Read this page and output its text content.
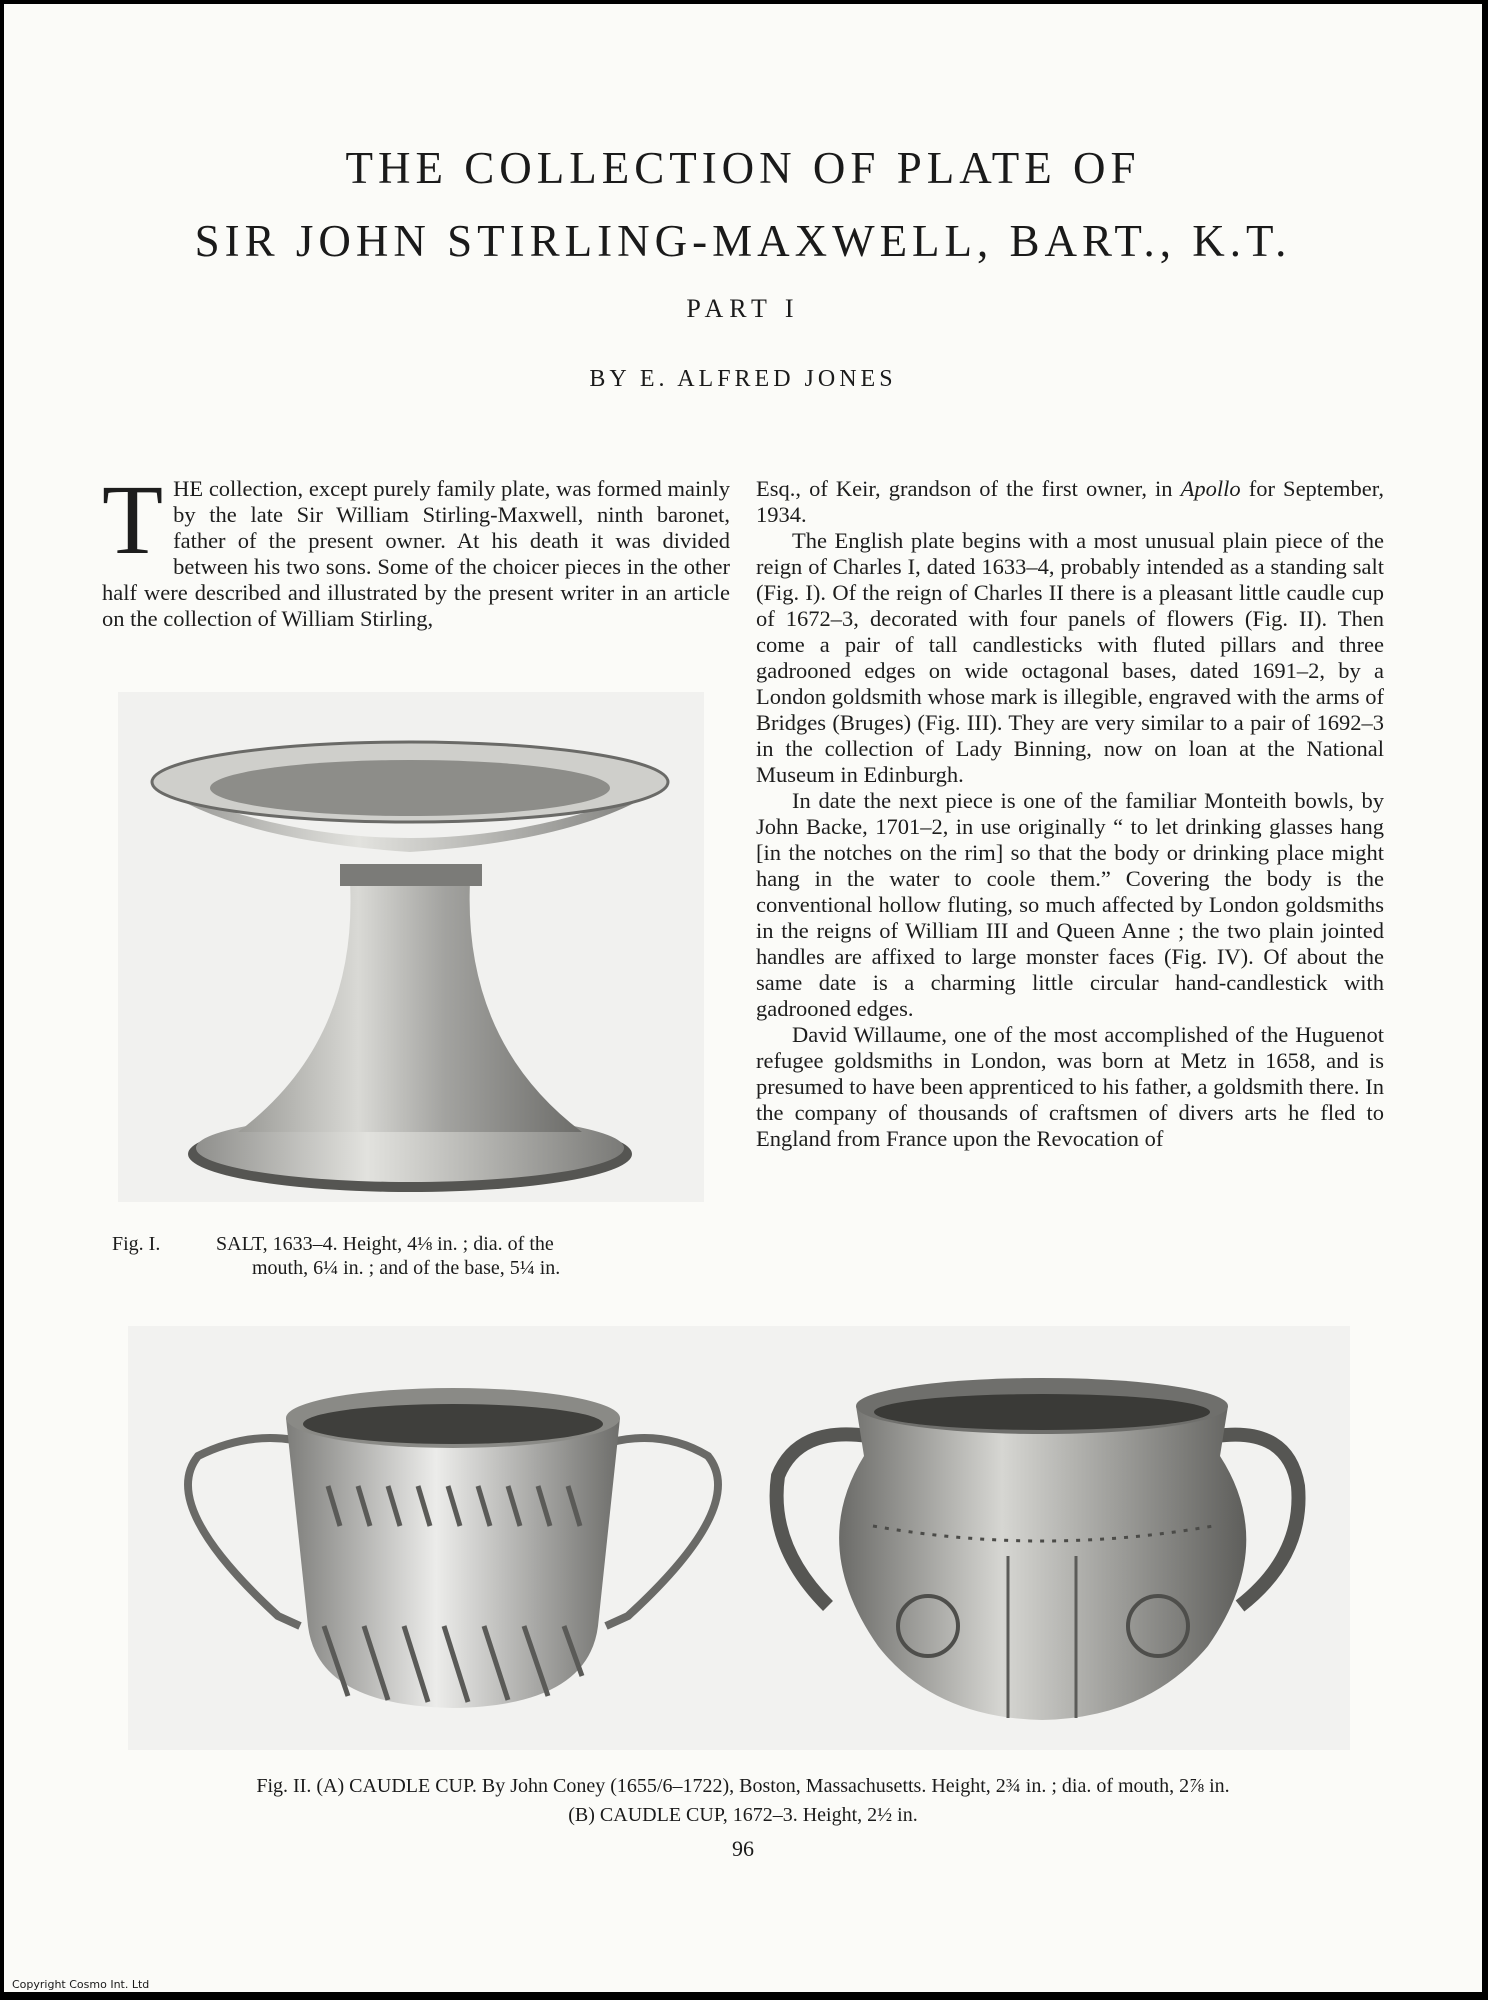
THE COLLECTION OF PLATE OF
SIR JOHN STIRLING-MAXWELL, BART., K.T.
PART I
BY E. ALFRED JONES

THE collection, except purely family plate, was formed mainly by the late Sir William Stirling-Maxwell, ninth baronet, father of the present owner. At his death it was divided between his two sons. Some of the choicer pieces in the other half were described and illustrated by the present writer in an article on the collection of William Stirling,

Fig. I.	SALT, 1633–4. Height, 4⅛ in. ; dia. of the
mouth, 6¼ in. ; and of the base, 5¼ in.

Esq., of Keir, grandson of the first owner, in Apollo for September, 1934.

The English plate begins with a most unusual plain piece of the reign of Charles I, dated 1633–4, probably intended as a standing salt (Fig. I). Of the reign of Charles II there is a pleasant little caudle cup of 1672–3, decorated with four panels of flowers (Fig. II). Then come a pair of tall candlesticks with fluted pillars and three gadrooned edges on wide octagonal bases, dated 1691–2, by a London goldsmith whose mark is illegible, engraved with the arms of Bridges (Bruges) (Fig. III). They are very similar to a pair of 1692–3 in the collection of Lady Binning, now on loan at the National Museum in Edinburgh.

In date the next piece is one of the familiar Monteith bowls, by John Backe, 1701–2, in use originally “ to let drinking glasses hang [in the notches on the rim] so that the body or drinking place might hang in the water to coole them.” Covering the body is the conventional hollow fluting, so much affected by London goldsmiths in the reigns of William III and Queen Anne ; the two plain jointed handles are affixed to large monster faces (Fig. IV). Of about the same date is a charming little circular hand-candlestick with gadrooned edges.

David Willaume, one of the most accomplished of the Huguenot refugee goldsmiths in London, was born at Metz in 1658, and is presumed to have been apprenticed to his father, a goldsmith there. In the company of thousands of craftsmen of divers arts he fled to England from France upon the Revocation of

Fig. II. (A) CAUDLE CUP. By John Coney (1655/6–1722), Boston, Massachusetts. Height, 2¾ in. ; dia. of mouth, 2⅞ in.
(B) CAUDLE CUP, 1672–3. Height, 2½ in.
96
Copyright Cosmo Int. Ltd
